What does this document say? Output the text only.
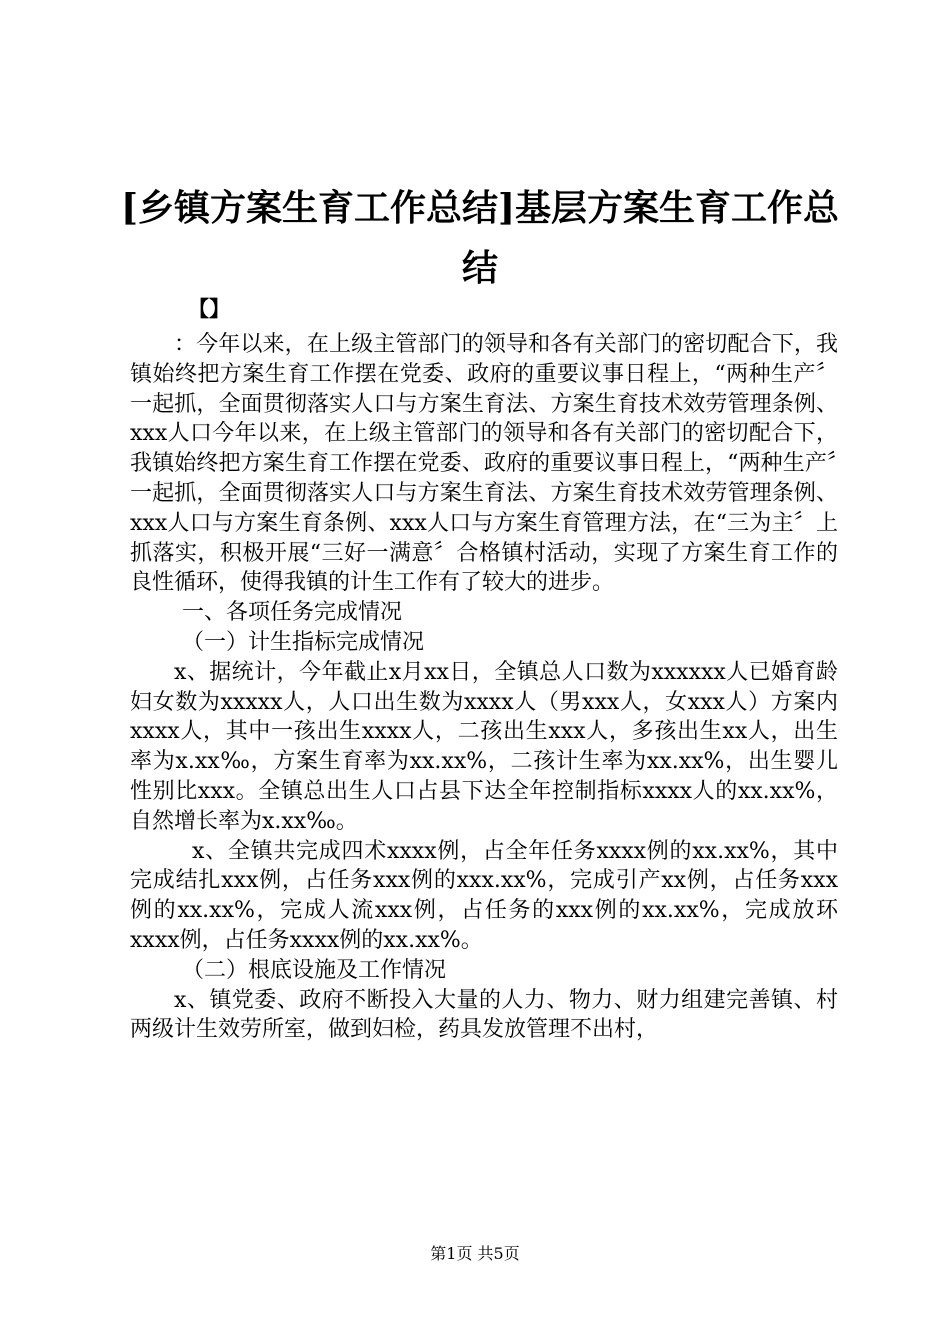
[乡镇方案生育工作总结]基层方案生育工作总
结
【】

：今年以来，在上级主管部门的领导和各有关部门的密切配合下，我镇始终把方案生育工作摆在党委、政府的重要议事日程上，“两种生产〞一起抓，全面贯彻落实人口与方案生育法、方案生育技术效劳管理条例、xxx人口今年以来，在上级主管部门的领导和各有关部门的密切配合下，我镇始终把方案生育工作摆在党委、政府的重要议事日程上，“两种生产〞一起抓，全面贯彻落实人口与方案生育法、方案生育技术效劳管理条例、xxx人口与方案生育条例、xxx人口与方案生育管理方法，在“三为主〞上抓落实，积极开展“三好一满意〞合格镇村活动，实现了方案生育工作的良性循环，使得我镇的计生工作有了较大的进步。

一、各项任务完成情况

（一）计生指标完成情况

x、据统计，今年截止x月xx日，全镇总人口数为xxxxxx人已婚育龄妇女数为xxxxx人，人口出生数为xxxx人（男xxx人，女xxx人）方案内xxxx人，其中一孩出生xxxx人，二孩出生xxx人，多孩出生xx人，出生率为x.xx‰，方案生育率为xx.xx%，二孩计生率为xx.xx%，出生婴儿性别比xxx。全镇总出生人口占县下达全年控制指标xxxx人的xx.xx%，自然增长率为x.xx‰。

x、全镇共完成四术xxxx例，占全年任务xxxx例的xx.xx%，其中完成结扎xxx例，占任务xxx例的xxx.xx%，完成引产xx例，占任务xxx例的xx.xx%，完成人流xxx例，占任务的xxx例的xx.xx%，完成放环xxxx例，占任务xxxx例的xx.xx%。

（二）根底设施及工作情况

x、镇党委、政府不断投入大量的人力、物力、财力组建完善镇、村两级计生效劳所室，做到妇检，药具发放管理不出村，

第1页 共5页
